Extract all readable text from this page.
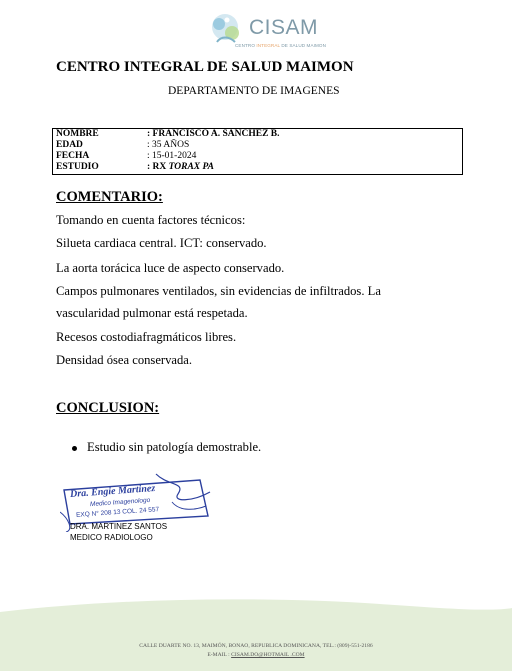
CISAM
CENTRO INTEGRAL DE SALUD MAIMON
CENTRO INTEGRAL DE SALUD MAIMON
DEPARTAMENTO DE IMAGENES
NOMBRE	: FRANCISCO A. SANCHEZ B.
EDAD	: 35 AÑOS
FECHA	: 15-01-2024
ESTUDIO	: RX TORAX PA
COMENTARIO:
Tomando en cuenta factores técnicos:
Silueta cardiaca central. ICT: conservado.
La aorta torácica luce de aspecto conservado.
Campos pulmonares ventilados, sin evidencias de infiltrados. La
vascularidad pulmonar está respetada.
Recesos costodiafragmáticos libres.
Densidad ósea conservada.
CONCLUSION:
Estudio sin patología demostrable.
Dra. Engie Martinez
Medico Imagenologo
EXQ N° 208 13 COL. 24 557
DRA. MARTINEZ SANTOS
MEDICO RADIOLOGO
CALLE DUARTE NO. 13, MAIMÓN, BONAO, REPUBLICA DOMINICANA, TEL.: (809)-551-2186
E-MAIL : CISAM.DO@HOTMAIL .COM
